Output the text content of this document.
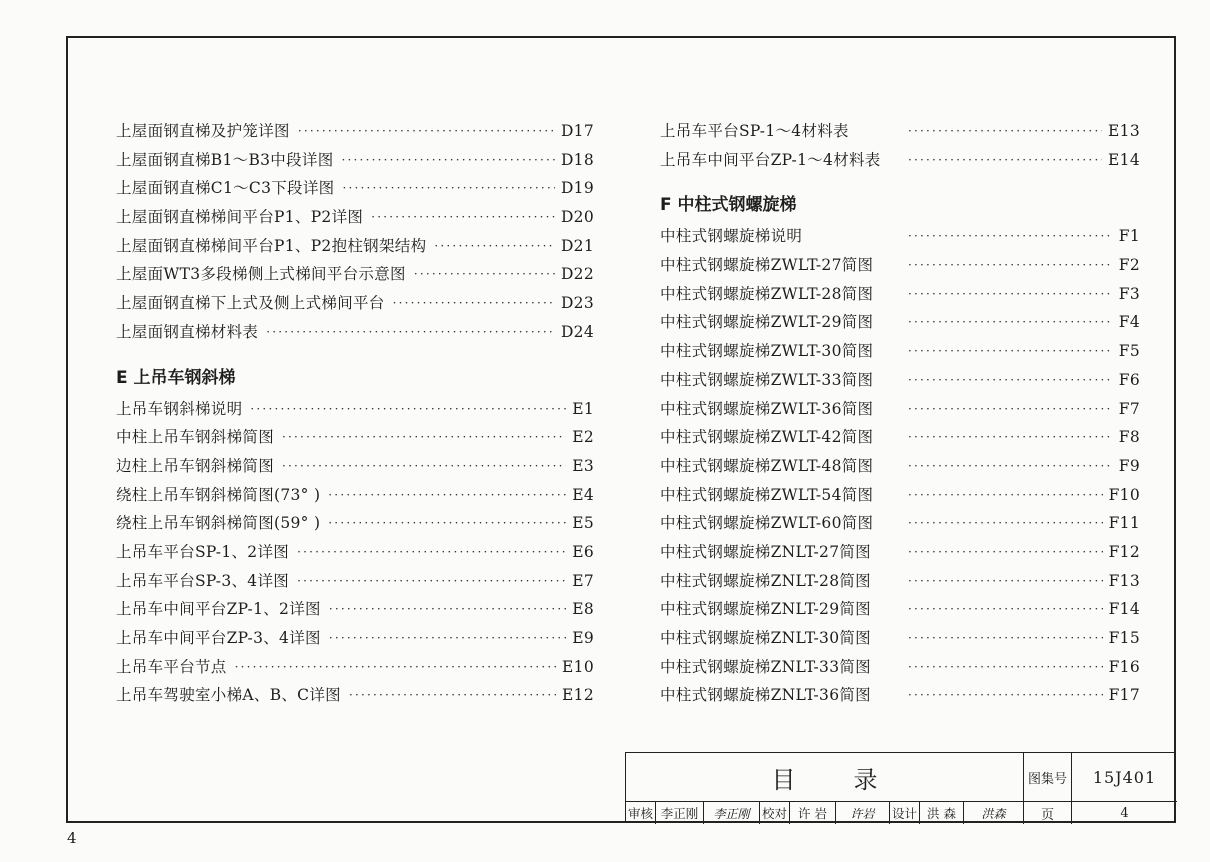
上屋面钢直梯及护笼详图 ·····	D17
上屋面钢直梯B1～B3中段详图 ·····	D18
上屋面钢直梯C1～C3下段详图 ·····	D19
上屋面钢直梯梯间平台P1、P2详图 ·····	D20
上屋面钢直梯梯间平台P1、P2抱柱钢架结构 ·····	D21
上屋面WT3多段梯侧上式梯间平台示意图 ·····	D22
上屋面钢直梯下上式及侧上式梯间平台 ·····	D23
上屋面钢直梯材料表 ·····	D24
E 上吊车钢斜梯
上吊车钢斜梯说明 ·····	E1
中柱上吊车钢斜梯简图 ·····	E2
边柱上吊车钢斜梯简图 ·····	E3
绕柱上吊车钢斜梯简图(73° ) ·····	E4
绕柱上吊车钢斜梯简图(59° ) ·····	E5
上吊车平台SP-1、2详图 ·····	E6
上吊车平台SP-3、4详图 ·····	E7
上吊车中间平台ZP-1、2详图 ·····	E8
上吊车中间平台ZP-3、4详图 ·····	E9
上吊车平台节点 ·····	E10
上吊车驾驶室小梯A、B、C详图 ·····	E12
上吊车平台SP-1～4材料表 ·····	E13
上吊车中间平台ZP-1～4材料表 ·····	E14
F 中柱式钢螺旋梯
中柱式钢螺旋梯说明 ·····	F1
中柱式钢螺旋梯ZWLT-27简图 ·····	F2
中柱式钢螺旋梯ZWLT-28简图 ·····	F3
中柱式钢螺旋梯ZWLT-29简图 ·····	F4
中柱式钢螺旋梯ZWLT-30简图 ·····	F5
中柱式钢螺旋梯ZWLT-33简图 ·····	F6
中柱式钢螺旋梯ZWLT-36简图 ·····	F7
中柱式钢螺旋梯ZWLT-42简图 ·····	F8
中柱式钢螺旋梯ZWLT-48简图 ·····	F9
中柱式钢螺旋梯ZWLT-54简图 ·····	F10
中柱式钢螺旋梯ZWLT-60简图 ·····	F11
中柱式钢螺旋梯ZNLT-27简图 ·····	F12
中柱式钢螺旋梯ZNLT-28简图 ·····	F13
中柱式钢螺旋梯ZNLT-29简图 ·····	F14
中柱式钢螺旋梯ZNLT-30简图 ·····	F15
中柱式钢螺旋梯ZNLT-33简图 ·····	F16
中柱式钢螺旋梯ZNLT-36简图 ·····	F17
目录	图集号	15J401
页	4
审核 李正刚	李正刚 校对 许 岩	许岩	设计 洪 森	洪森
4
